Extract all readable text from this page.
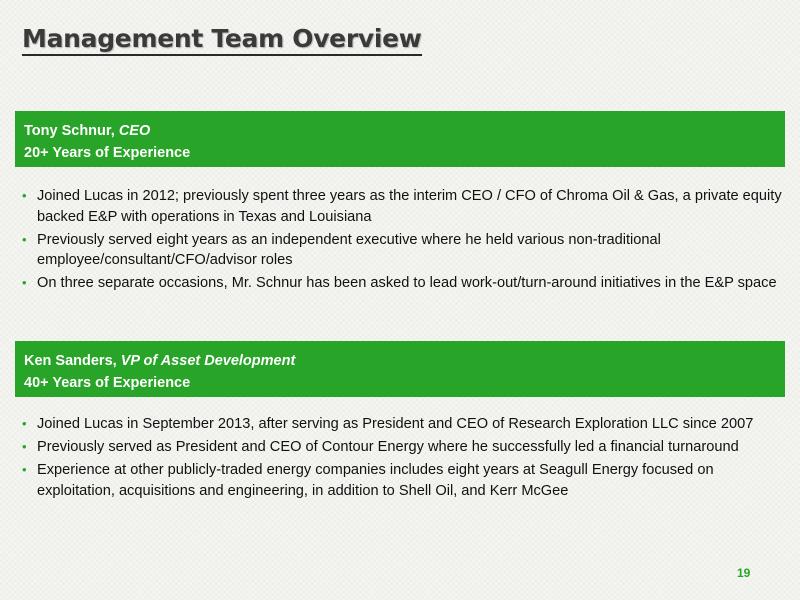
Management Team Overview
Tony Schnur, CEO
20+ Years of Experience
• Joined Lucas in 2012; previously spent three years as the interim CEO / CFO of Chroma Oil & Gas, a private equity backed E&P with operations in Texas and Louisiana
• Previously served eight years as an independent executive where he held various non-traditional employee/consultant/CFO/advisor roles
• On three separate occasions, Mr. Schnur has been asked to lead work-out/turn-around initiatives in the E&P space
Ken Sanders, VP of Asset Development
40+ Years of Experience
• Joined Lucas in September 2013, after serving as President and CEO of Research Exploration LLC since 2007
• Previously served as President and CEO of Contour Energy where he successfully led a financial turnaround
• Experience at other publicly-traded energy companies includes eight years at Seagull Energy focused on exploitation, acquisitions and engineering, in addition to Shell Oil, and Kerr McGee
19
